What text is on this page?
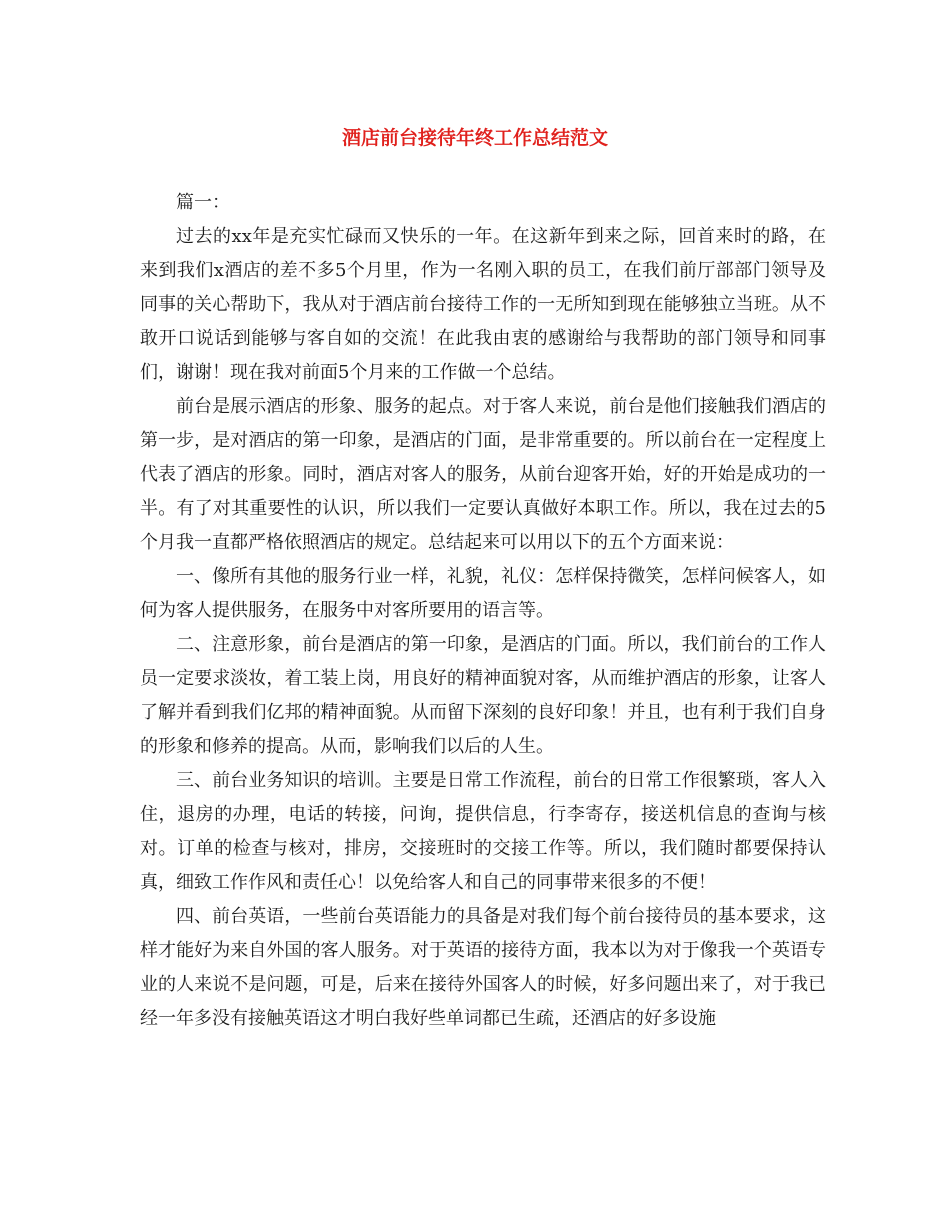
酒店前台接待年终工作总结范文

篇一：

过去的xx年是充实忙碌而又快乐的一年。在这新年到来之际，回首来时的路，在来到我们x酒店的差不多5个月里，作为一名刚入职的员工，在我们前厅部部门领导及同事的关心帮助下，我从对于酒店前台接待工作的一无所知到现在能够独立当班。从不敢开口说话到能够与客自如的交流！在此我由衷的感谢给与我帮助的部门领导和同事们，谢谢！现在我对前面5个月来的工作做一个总结。

前台是展示酒店的形象、服务的起点。对于客人来说，前台是他们接触我们酒店的第一步，是对酒店的第一印象，是酒店的门面，是非常重要的。所以前台在一定程度上代表了酒店的形象。同时，酒店对客人的服务，从前台迎客开始，好的开始是成功的一半。有了对其重要性的认识，所以我们一定要认真做好本职工作。所以，我在过去的5个月我一直都严格依照酒店的规定。总结起来可以用以下的五个方面来说：

一、像所有其他的服务行业一样，礼貌，礼仪：怎样保持微笑，怎样问候客人，如何为客人提供服务，在服务中对客所要用的语言等。

二、注意形象，前台是酒店的第一印象，是酒店的门面。所以，我们前台的工作人员一定要求淡妆，着工装上岗，用良好的精神面貌对客，从而维护酒店的形象，让客人了解并看到我们亿邦的精神面貌。从而留下深刻的良好印象！并且，也有利于我们自身的形象和修养的提高。从而，影响我们以后的人生。

三、前台业务知识的培训。主要是日常工作流程，前台的日常工作很繁琐，客人入住，退房的办理，电话的转接，问询，提供信息，行李寄存，接送机信息的查询与核对。订单的检查与核对，排房，交接班时的交接工作等。所以，我们随时都要保持认真，细致工作作风和责任心！以免给客人和自己的同事带来很多的不便！

四、前台英语，一些前台英语能力的具备是对我们每个前台接待员的基本要求，这样才能好为来自外国的客人服务。对于英语的接待方面，我本以为对于像我一个英语专业的人来说不是问题，可是，后来在接待外国客人的时候，好多问题出来了，对于我已经一年多没有接触英语这才明白我好些单词都已生疏，还酒店的好多设施
